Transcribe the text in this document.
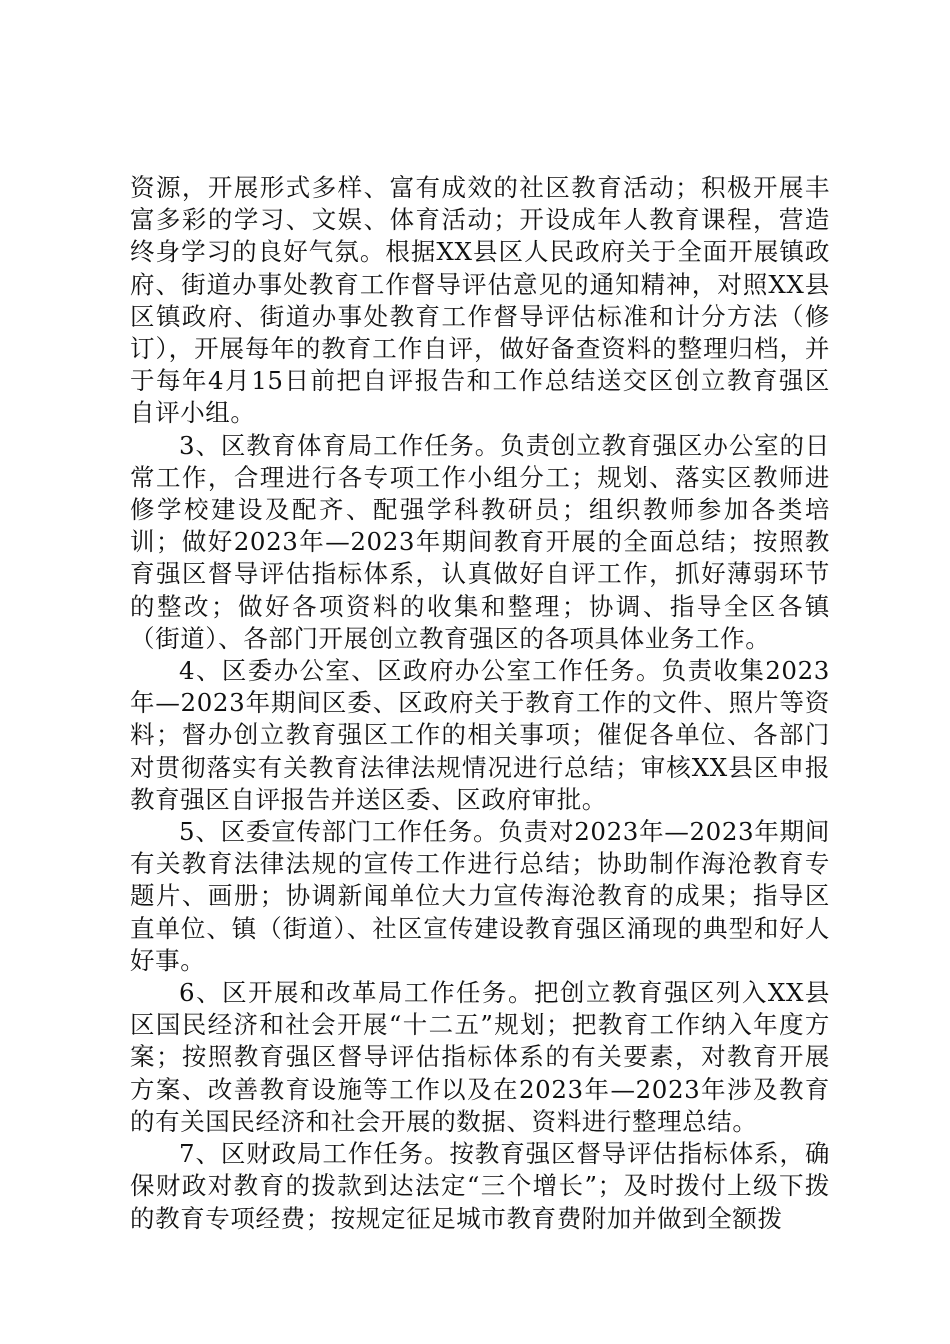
资源，开展形式多样、富有成效的社区教育活动；积极开展丰富多彩的学习、文娱、体育活动；开设成年人教育课程，营造终身学习的良好气氛。根据XX县区人民政府关于全面开展镇政府、街道办事处教育工作督导评估意见的通知精神，对照XX县区镇政府、街道办事处教育工作督导评估标准和计分方法（修订），开展每年的教育工作自评，做好备查资料的整理归档，并于每年4月15日前把自评报告和工作总结送交区创立教育强区自评小组。

3、区教育体育局工作任务。负责创立教育强区办公室的日常工作，合理进行各专项工作小组分工；规划、落实区教师进修学校建设及配齐、配强学科教研员；组织教师参加各类培训；做好2023年—2023年期间教育开展的全面总结；按照教育强区督导评估指标体系，认真做好自评工作，抓好薄弱环节的整改；做好各项资料的收集和整理；协调、指导全区各镇（街道）、各部门开展创立教育强区的各项具体业务工作。

4、区委办公室、区政府办公室工作任务。负责收集2023年—2023年期间区委、区政府关于教育工作的文件、照片等资料；督办创立教育强区工作的相关事项；催促各单位、各部门对贯彻落实有关教育法律法规情况进行总结；审核XX县区申报教育强区自评报告并送区委、区政府审批。

5、区委宣传部门工作任务。负责对2023年—2023年期间有关教育法律法规的宣传工作进行总结；协助制作海沧教育专题片、画册；协调新闻单位大力宣传海沧教育的成果；指导区直单位、镇（街道）、社区宣传建设教育强区涌现的典型和好人好事。

6、区开展和改革局工作任务。把创立教育强区列入XX县区国民经济和社会开展“十二五”规划；把教育工作纳入年度方案；按照教育强区督导评估指标体系的有关要素，对教育开展方案、改善教育设施等工作以及在2023年—2023年涉及教育的有关国民经济和社会开展的数据、资料进行整理总结。

7、区财政局工作任务。按教育强区督导评估指标体系，确保财政对教育的拨款到达法定“三个增长”；及时拨付上级下拨的教育专项经费；按规定征足城市教育费附加并做到全额拨
